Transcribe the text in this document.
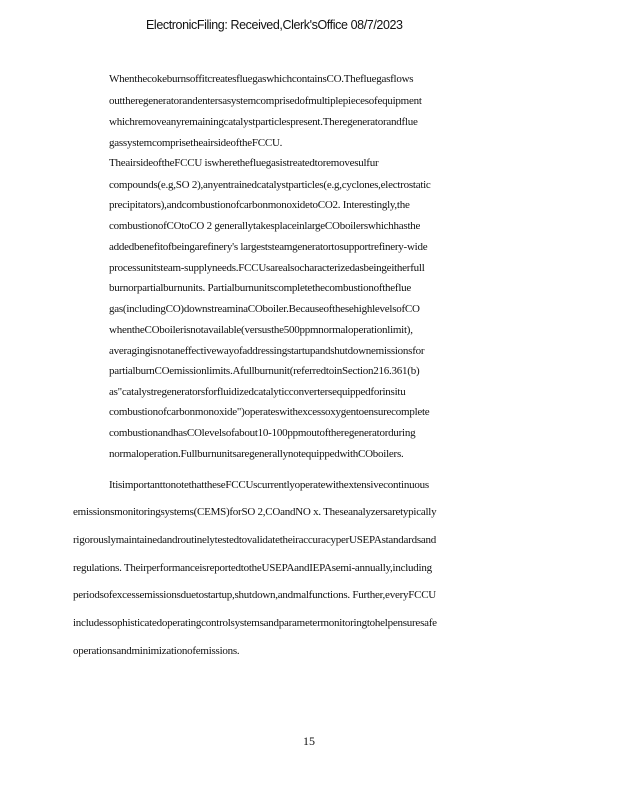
ElectronicFiling: Received,Clerk'sOffice 08/7/2023
WhenthecokeburnsoffitcreatesfluegaswhichcontainsCO.Thefluegasflows
outtheregeneratorandentersasystemcomprisedofmultiplepiecesofequipment
whichremoveanyremainingcatalystparticlespresent.Theregeneratorandflue
gassystemcomprisetheairsideoftheFCCU.
TheairsideoftheFCCU iswherethefluegasistreatedtoremovesulfur
compounds(e.g,SO 2),anyentrainedcatalystparticles(e.g,cyclones,electrostatic
precipitators),andcombustionofcarbonmonoxidetoCO2. Interestingly,the
combustionofCOtoCO 2 generallytakesplaceinlargeCOboilerswhichhasthe
addedbenefitofbeingarefinery's largeststeamgeneratortosupportrefinery-wide
processunitsteam-supplyneeds.FCCUsarealsocharacterizedasbeingeitherfull
burnorpartialburnunits. Partialburnunitscompletethecombustionoftheflue
gas(includingCO)downstreaminaCOboiler.BecauseofthesehighlevelsofCO
whentheCOboilerisnotavailable(versusthe500ppmnormaloperationlimit),
averagingisnotaneffectivewayofaddressingstartupandshutdownemissionsfor
partialburnCOemissionlimits.Afullburnunit(referredtoinSection216.361(b)
as"catalystregeneratorsforfluidizedcatalyticconvertersequippedforinsitu
combustionofcarbonmonoxide")operateswithexcessoxygentoensurecomplete
combustionandhasCOlevelsofabout10-100ppmoutoftheregeneratorduring
normaloperation.FullburnunitsaregenerallynotequippedwithCOboilers.
ItisimportanttonotethattheseFCCUscurrentlyoperatewithextensivecontinuous
emissionsmonitoringsystems(CEMS)forSO 2,COandNO x. Theseanalyzersaretypically
rigorouslymaintainedandroutinelytestedtovalidatetheiraccuracyperUSEPAstandardsand
regulations. TheirperformanceisreportedtotheUSEPAandIEPAsemi-annually,including
periodsofexcessemissionsduetostartup,shutdown,andmalfunctions. Further,everyFCCU
includessophisticatedoperatingcontrolsystemsandparametermonitoringtohelpensuresafe
operationsandminimizationofemissions.
15
